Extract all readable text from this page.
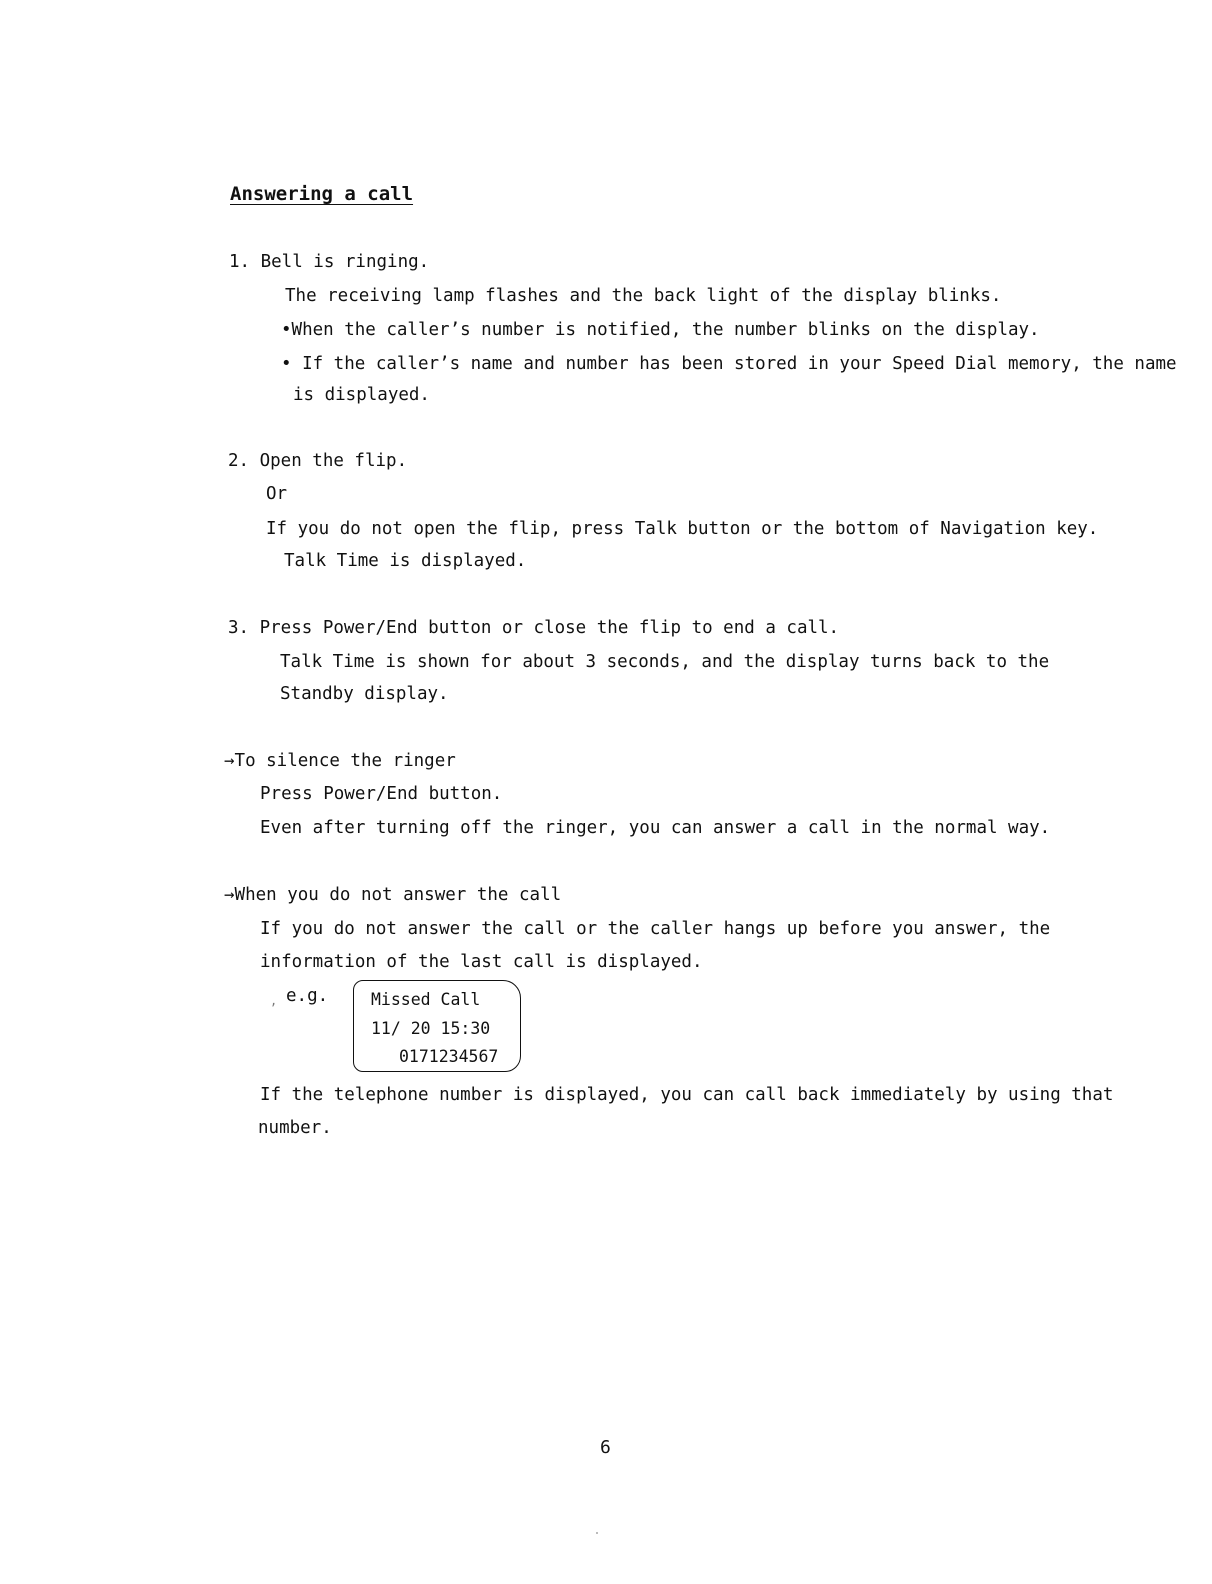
Answering a call
1. Bell is ringing.
The receiving lamp flashes and the back light of the display blinks.
•When the caller’s number is notified, the number blinks on the display.
• If the caller’s name and number has been stored in your Speed Dial memory, the name
is displayed.
2. Open the flip.
Or
If you do not open the flip, press Talk button or the bottom of Navigation key.
Talk Time is displayed.
3. Press Power/End button or close the flip to end a call.
Talk Time is shown for about 3 seconds, and the display turns back to the
Standby display.
→To silence the ringer
Press Power/End button.
Even after turning off the ringer, you can answer a call in the normal way.
→When you do not answer the call
If you do not answer the call or the caller hangs up before you answer, the
information of the last call is displayed.
e.g.
,	Missed Call
11/ 20 15:30
0171234567
If the telephone number is displayed, you can call back immediately by using that
number.
6
